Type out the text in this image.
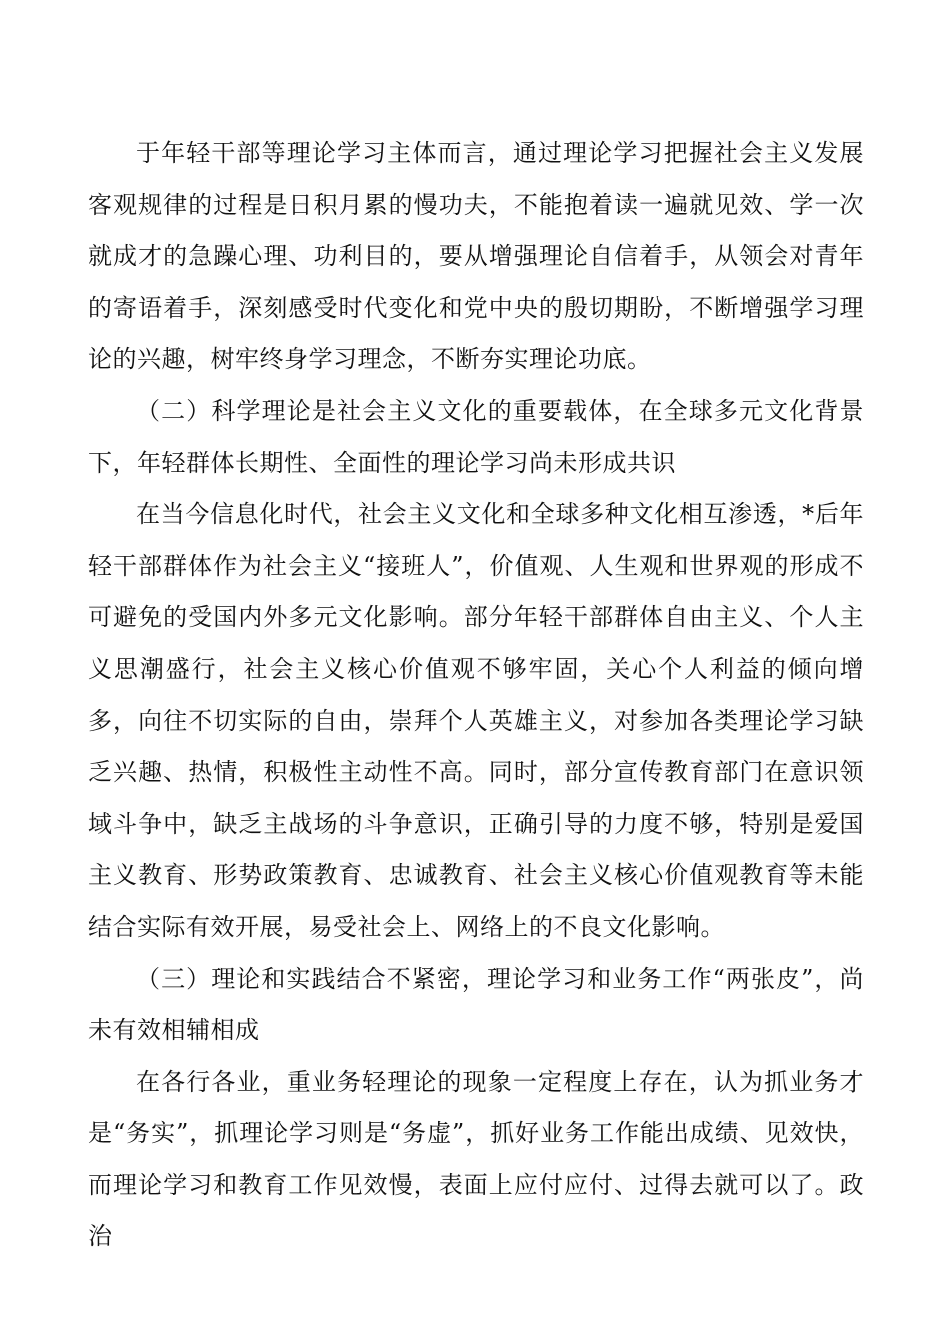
于年轻干部等理论学习主体而言，通过理论学习把握社会主义发展客观规律的过程是日积月累的慢功夫，不能抱着读一遍就见效、学一次就成才的急躁心理、功利目的，要从增强理论自信着手，从领会对青年的寄语着手，深刻感受时代变化和党中央的殷切期盼，不断增强学习理论的兴趣，树牢终身学习理念，不断夯实理论功底。

（二）科学理论是社会主义文化的重要载体，在全球多元文化背景下，年轻群体长期性、全面性的理论学习尚未形成共识

在当今信息化时代，社会主义文化和全球多种文化相互渗透，*后年轻干部群体作为社会主义“接班人”，价值观、人生观和世界观的形成不可避免的受国内外多元文化影响。部分年轻干部群体自由主义、个人主义思潮盛行，社会主义核心价值观不够牢固，关心个人利益的倾向增多，向往不切实际的自由，崇拜个人英雄主义，对参加各类理论学习缺乏兴趣、热情，积极性主动性不高。同时，部分宣传教育部门在意识领域斗争中，缺乏主战场的斗争意识，正确引导的力度不够，特别是爱国主义教育、形势政策教育、忠诚教育、社会主义核心价值观教育等未能结合实际有效开展，易受社会上、网络上的不良文化影响。

（三）理论和实践结合不紧密，理论学习和业务工作“两张皮”，尚未有效相辅相成

在各行各业，重业务轻理论的现象一定程度上存在，认为抓业务才是“务实”，抓理论学习则是“务虚”，抓好业务工作能出成绩、见效快，而理论学习和教育工作见效慢，表面上应付应付、过得去就可以了。政治
